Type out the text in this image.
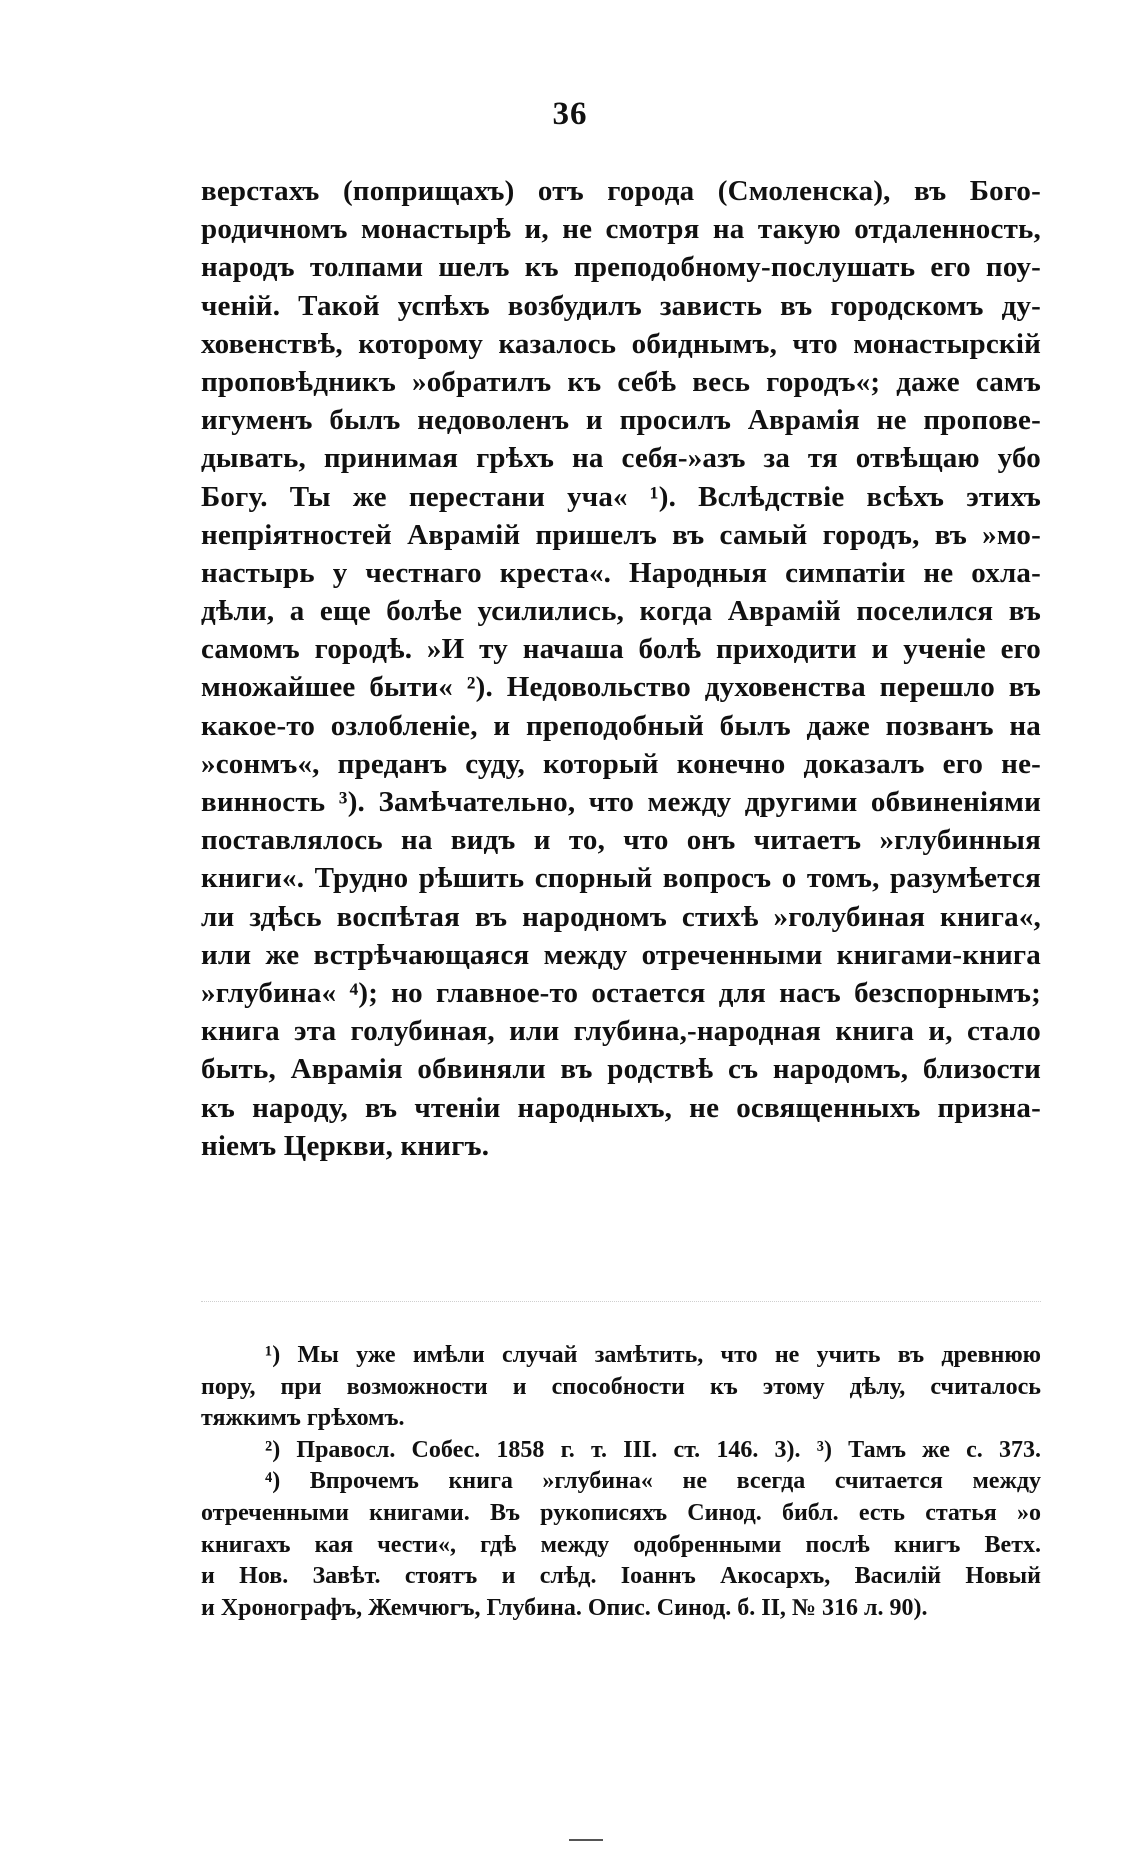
36
верстахъ (поприщахъ) отъ города (Смоленска), въ Бого-
родичномъ монастырѣ и, не смотря на такую отдаленность,
народъ толпами шелъ къ преподобному-послушать его поу-
ченій. Такой успѣхъ возбудилъ зависть въ городскомъ ду-
ховенствѣ, которому казалось обиднымъ, что монастырскій
проповѣдникъ »обратилъ къ себѣ весь городъ«; даже самъ
игуменъ былъ недоволенъ и просилъ Аврамія не пропове-
дывать, принимая грѣхъ на себя-»азъ за тя отвѣщаю убо
Богу. Ты же перестани уча« ¹). Вслѣдствіе всѣхъ этихъ
непріятностей Аврамій пришелъ въ самый городъ, въ »мо-
настырь у честнаго креста«. Народныя симпатіи не охла-
дѣли, а еще болѣе усилились, когда Аврамій поселился въ
самомъ городѣ. »И ту начаша болѣ приходити и ученіе его
множайшее быти« ²). Недовольство духовенства перешло въ
какое-то озлобленіе, и преподобный былъ даже позванъ на
»сонмъ«, преданъ суду, который конечно доказалъ его не-
винность ³). Замѣчательно, что между другими обвиненіями
поставлялось на видъ и то, что онъ читаетъ »глубинныя
книги«. Трудно рѣшить спорный вопросъ о томъ, разумѣется
ли здѣсь воспѣтая въ народномъ стихѣ »голубиная книга«,
или же встрѣчающаяся между отреченными книгами-книга
»глубина« ⁴); но главное-то остается для насъ безспорнымъ;
книга эта голубиная, или глубина,-народная книга и, стало
быть, Аврамія обвиняли въ родствѣ съ народомъ, близости
къ народу, въ чтеніи народныхъ, не освященныхъ призна-
ніемъ Церкви, книгъ.
¹) Мы уже имѣли случай замѣтить, что не учить въ древнюю
пору, при возможности и способности къ этому дѣлу, считалось
тяжкимъ грѣхомъ.
²) Правосл. Собес. 1858 г. т. III. ст. 146. 3). ³) Тамъ же с. 373.
⁴) Впрочемъ книга »глубина« не всегда считается между
отреченными книгами. Въ рукописяхъ Синод. библ. есть статья »о
книгахъ кая чести«, гдѣ между одобренными послѣ книгъ Ветх.
и Нов. Завѣт. стоятъ и слѣд. Іоаннъ Акосархъ, Василій Новый
и Хронографъ, Жемчюгъ, Глубина. Опис. Синод. б. II, № 316 л. 90).
